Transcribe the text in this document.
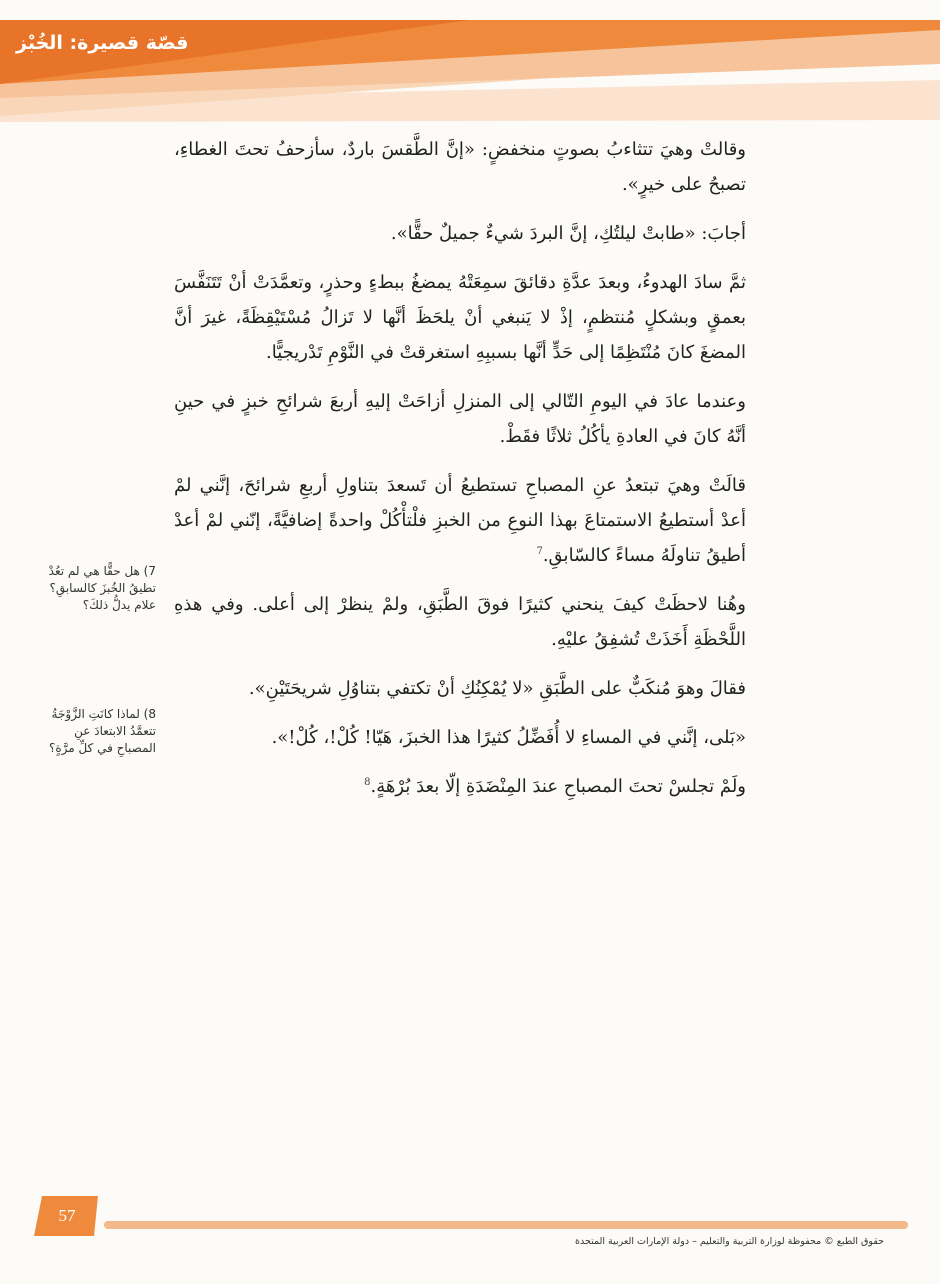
قصّة قصيرة: الخُبْز

وقالتْ وهيَ تتثاءبُ بصوتٍ منخفضٍ: «إنَّ الطَّقسَ باردٌ، سأزحفُ تحتَ الغطاءِ، تصبحُ على خيرٍ».

أجابَ: «طابتْ ليلتُكِ، إنَّ البردَ شيءٌ جميلٌ حقًّا».

ثمَّ سادَ الهدوءُ، وبعدَ عدَّةِ دقائقَ سمِعَتْهُ يمضغُ ببطءٍ وحذرٍ، وتعمَّدَتْ أنْ تَتَنَفَّسَ بعمقٍ وبشكلٍ مُنتظمٍ، إذْ لا يَنبغي أنْ يلحَظَ أنَّها لا تَزالُ مُسْتَيْقِظَةً، غيرَ أنَّ المضغَ كانَ مُنْتَظِمًا إلى حَدٍّ أنَّها بسببِهِ استغرقتْ في النَّوْمِ تَدْريجيًّا.

وعندما عادَ في اليومِ التّالي إلى المنزلِ أزاحَتْ إليهِ أربعَ شرائحِ خبزٍ في حينِ أنَّهُ كانَ في العادةِ يأكُلُ ثلاثًا فقَطْ.

قالَتْ وهيَ تبتعدُ عنِ المصباحِ تستطيعُ أن تَسعدَ بتناولِ أربعِ شرائحَ، إنَّني لمْ أعدْ أستطيعُ الاستمتاعَ بهذا النوعِ من الخبزِ فلْتأْكُلْ واحدةً إضافيَّةً، إنّني لمْ أعدْ أطيقُ تناولَهُ مساءً كالسّابقِ.$^7$

وهُنا لاحظَتْ كيفَ ينحني كثيرًا فوقَ الطَّبَقِ، ولمْ ينظرْ إلى أعلى. وفي هذهِ اللَّحْظَةِ أَخَذَتْ تُشفِقُ عليْهِ.

فقالَ وهوَ مُنكَبٌّ على الطَّبَقِ «لا يُمْكِنُكِ أنْ تكتفي بتناوُلِ شريحَتَيْنِ».

«بَلى، إنَّني في المساءِ لا أُفَضِّلُ كثيرًا هذا الخبزَ، هَيّا! كُلْ!، كُلْ!».

ولَمْ تجلسْ تحتَ المصباحِ عندَ المِنْضَدَةِ إلّا بعدَ بُرْهَةٍ.$^8$

7) هل حقًّا هي لم تعُدْ تطيقُ الخُبزَ كالسابقِ؟ علام يدلُّ ذلكَ؟
8) لماذا كانَتِ الزَّوْجَةُ تتعمَّدُ الابتعادَ عنِ المصباحِ في كلِّ مرَّةٍ؟
57
حقوق الطبع © محفوظة لوزارة التربية والتعليم – دولة الإمارات العربية المتحدة
